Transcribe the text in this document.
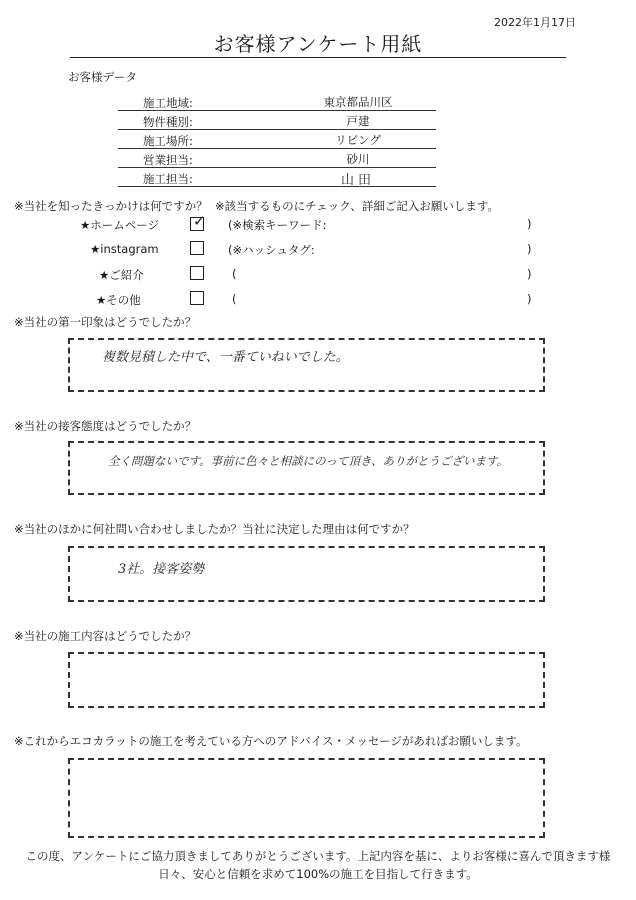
2022年1月17日
お客様アンケート用紙
お客様データ
施工地域:	東京都品川区
物件種別:	戸建
施工場所:	リビング
営業担当:	砂川
施工担当:	山田
※当社を知ったきっかけは何ですか？ ※該当するものにチェック、詳細ご記入お願いします。
★ホームページ ✓ (※検索キーワード:	)
★instagram	(※ハッシュタグ:	)
★ご紹介	(	)
★その他	(	)
※当社の第一印象はどうでしたか？
複数見積した中で、一番ていねいでした。
※当社の接客態度はどうでしたか？
全く問題ないです。事前に色々と相談にのって頂き、ありがとうございます。
※当社のほかに何社問い合わせしましたか？当社に決定した理由は何ですか？
3社。接客姿勢
※当社の施工内容はどうでしたか？
※これからエコカラットの施工を考えている方へのアドバイス・メッセージがあればお願いします。
この度、アンケートにご協力頂きましてありがとうございます。上記内容を基に、よりお客様に喜んで頂きます様
日々、安心と信頼を求めて100%の施工を目指して行きます。
